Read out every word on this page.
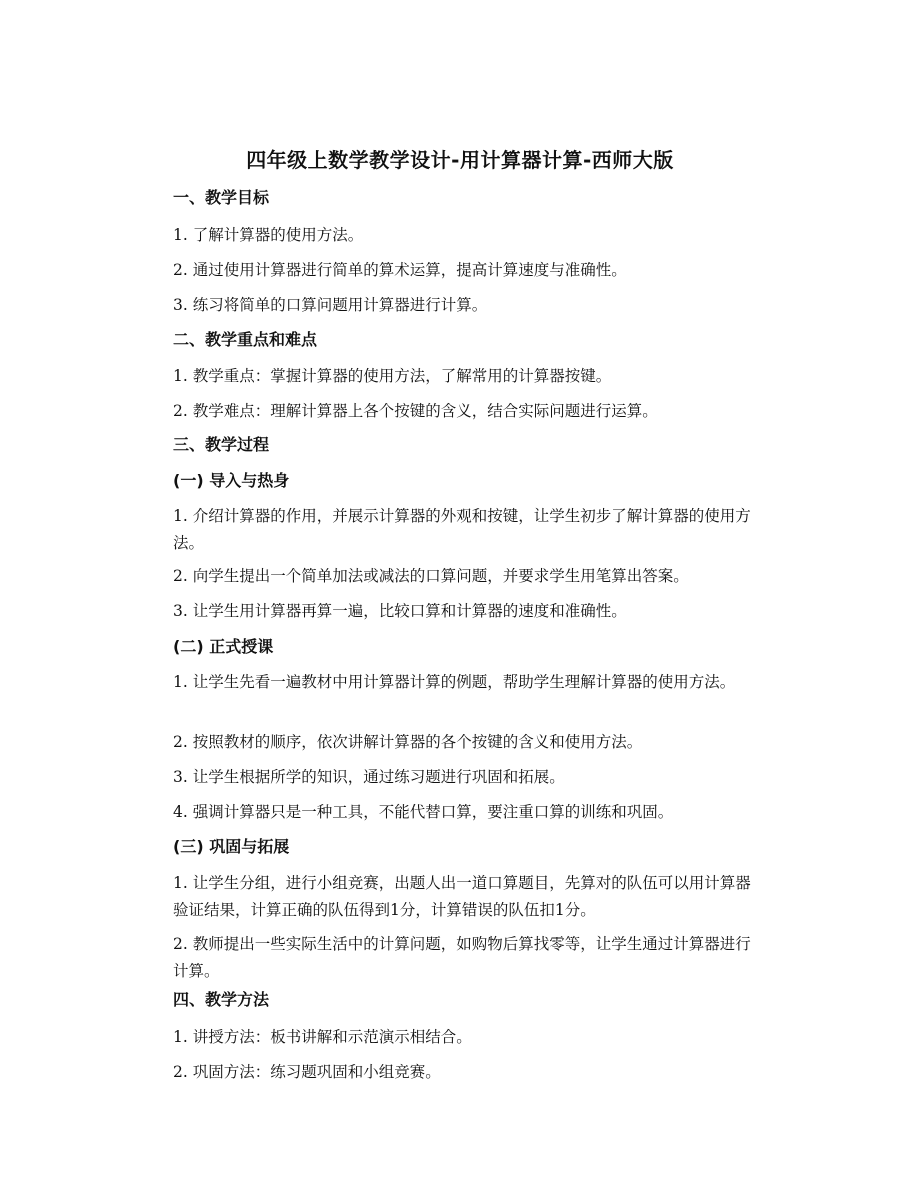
四年级上数学教学设计-用计算器计算-西师大版
一、教学目标

1. 了解计算器的使用方法。

2. 通过使用计算器进行简单的算术运算，提高计算速度与准确性。

3. 练习将简单的口算问题用计算器进行计算。

二、教学重点和难点

1. 教学重点：掌握计算器的使用方法，了解常用的计算器按键。

2. 教学难点：理解计算器上各个按键的含义，结合实际问题进行运算。

三、教学过程
(一) 导入与热身

1. 介绍计算器的作用，并展示计算器的外观和按键，让学生初步了解计算器的使用方法。

2. 向学生提出一个简单加法或减法的口算问题，并要求学生用笔算出答案。

3. 让学生用计算器再算一遍，比较口算和计算器的速度和准确性。

(二) 正式授课

1. 让学生先看一遍教材中用计算器计算的例题，帮助学生理解计算器的使用方法。

2. 按照教材的顺序，依次讲解计算器的各个按键的含义和使用方法。

3. 让学生根据所学的知识，通过练习题进行巩固和拓展。

4. 强调计算器只是一种工具，不能代替口算，要注重口算的训练和巩固。

(三) 巩固与拓展

1. 让学生分组，进行小组竞赛，出题人出一道口算题目，先算对的队伍可以用计算器验证结果，计算正确的队伍得到1分，计算错误的队伍扣1分。

2. 教师提出一些实际生活中的计算问题，如购物后算找零等，让学生通过计算器进行计算。

四、教学方法

1. 讲授方法：板书讲解和示范演示相结合。

2. 巩固方法：练习题巩固和小组竞赛。
